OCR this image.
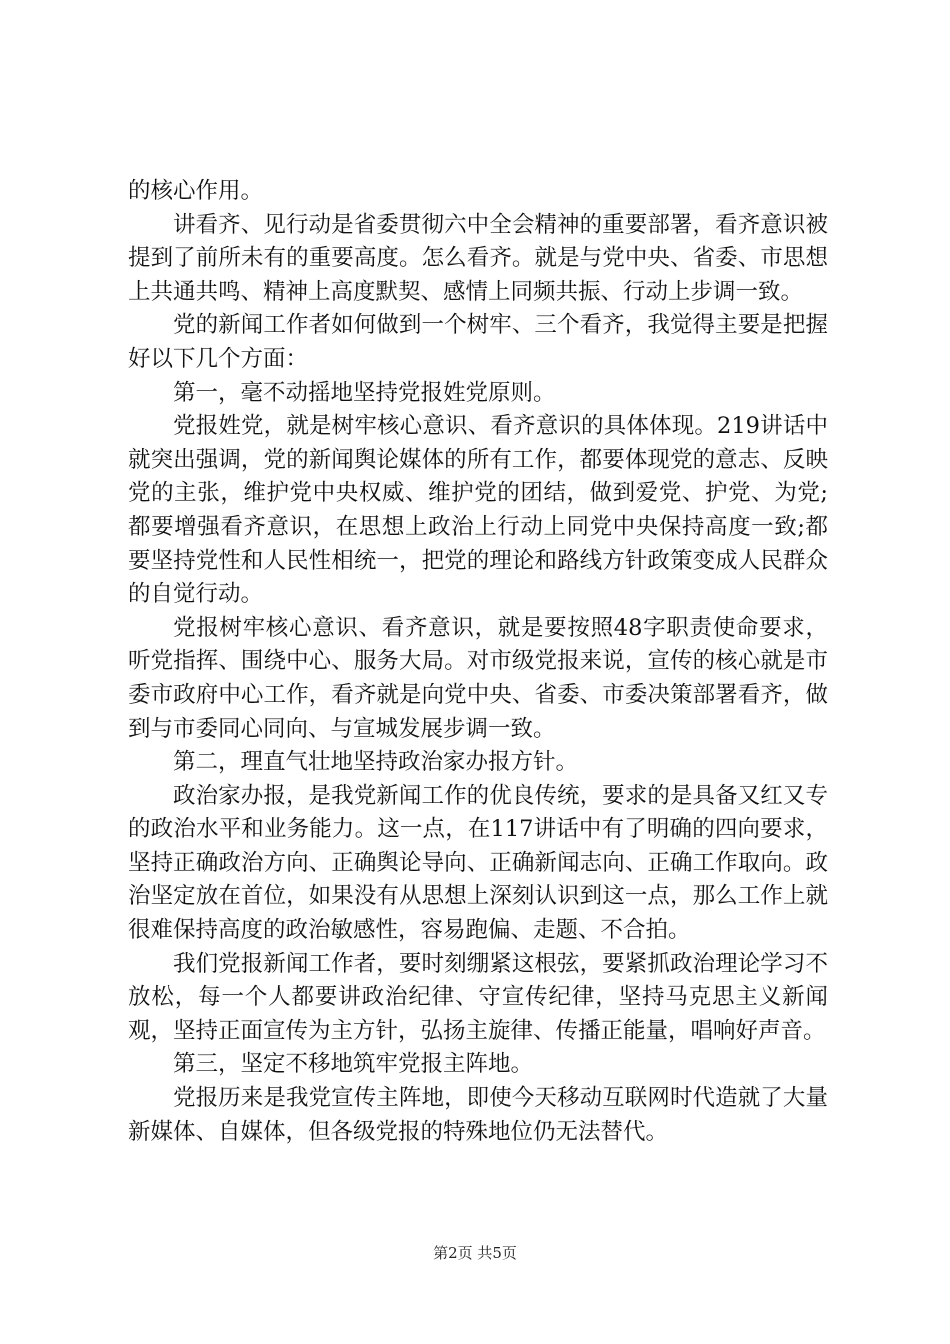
的核心作用。

讲看齐、见行动是省委贯彻六中全会精神的重要部署，看齐意识被提到了前所未有的重要高度。怎么看齐。就是与党中央、省委、市思想上共通共鸣、精神上高度默契、感情上同频共振、行动上步调一致。

党的新闻工作者如何做到一个树牢、三个看齐，我觉得主要是把握好以下几个方面：

第一，毫不动摇地坚持党报姓党原则。

党报姓党，就是树牢核心意识、看齐意识的具体体现。219讲话中就突出强调，党的新闻舆论媒体的所有工作，都要体现党的意志、反映党的主张，维护党中央权威、维护党的团结，做到爱党、护党、为党;都要增强看齐意识，在思想上政治上行动上同党中央保持高度一致;都要坚持党性和人民性相统一，把党的理论和路线方针政策变成人民群众的自觉行动。

党报树牢核心意识、看齐意识，就是要按照48字职责使命要求，听党指挥、围绕中心、服务大局。对市级党报来说，宣传的核心就是市委市政府中心工作，看齐就是向党中央、省委、市委决策部署看齐，做到与市委同心同向、与宣城发展步调一致。

第二，理直气壮地坚持政治家办报方针。

政治家办报，是我党新闻工作的优良传统，要求的是具备又红又专的政治水平和业务能力。这一点，在117讲话中有了明确的四向要求，坚持正确政治方向、正确舆论导向、正确新闻志向、正确工作取向。政治坚定放在首位，如果没有从思想上深刻认识到这一点，那么工作上就很难保持高度的政治敏感性，容易跑偏、走题、不合拍。

我们党报新闻工作者，要时刻绷紧这根弦，要紧抓政治理论学习不放松，每一个人都要讲政治纪律、守宣传纪律，坚持马克思主义新闻观，坚持正面宣传为主方针，弘扬主旋律、传播正能量，唱响好声音。

第三，坚定不移地筑牢党报主阵地。

党报历来是我党宣传主阵地，即使今天移动互联网时代造就了大量新媒体、自媒体，但各级党报的特殊地位仍无法替代。

第2页 共5页
